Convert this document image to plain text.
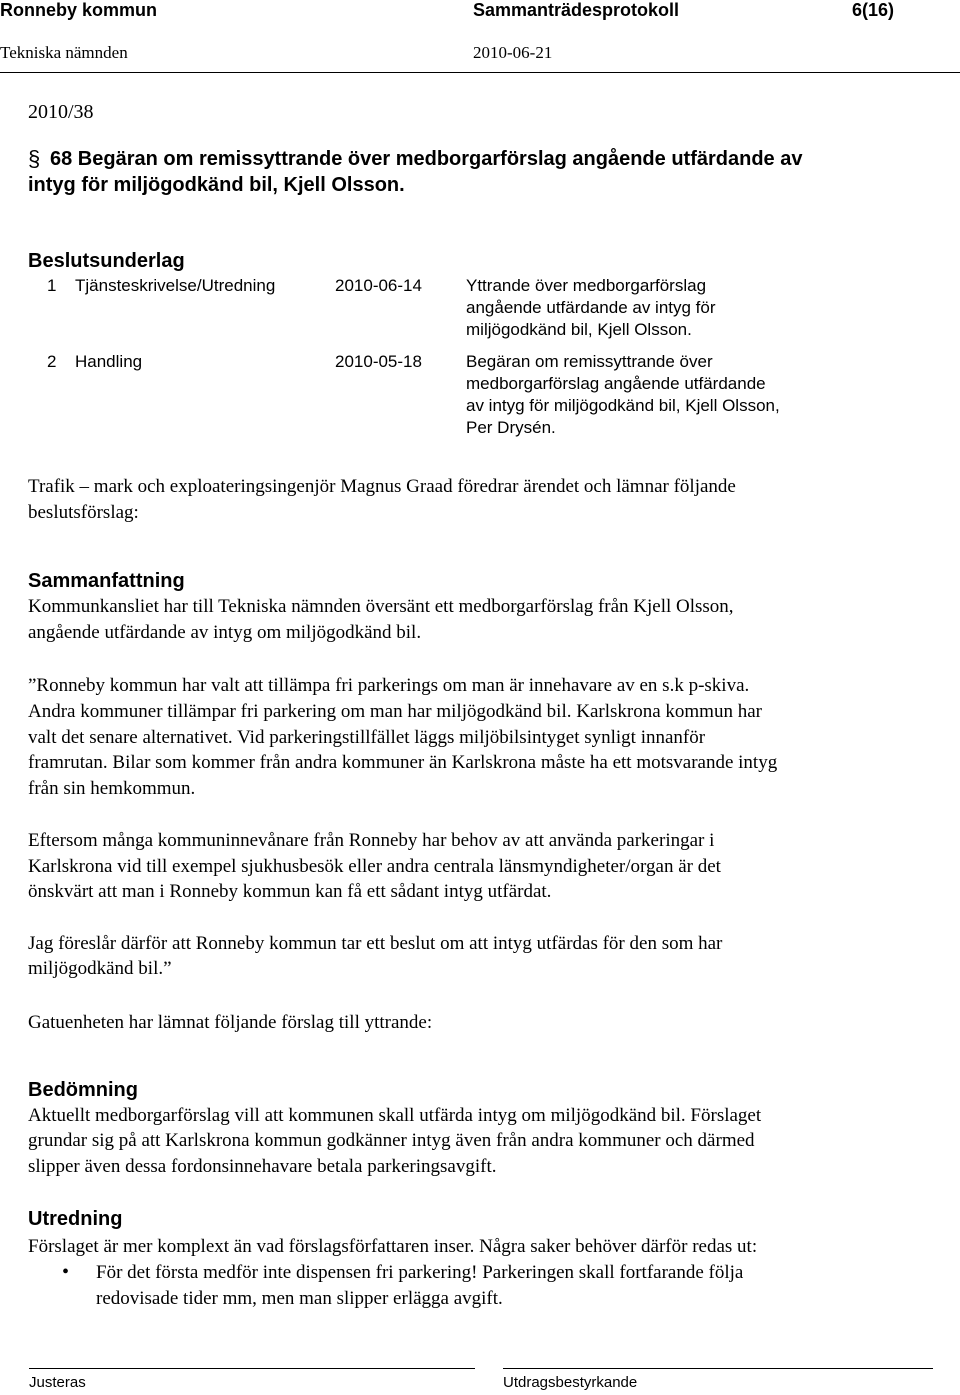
Ronneby kommun	Sammanträdesprotokoll	6(16)
Tekniska nämnden	2010-06-21
2010/38
§ 68 Begäran om remissyttrande över medborgarförslag angående utfärdande av
intyg för miljögodkänd bil, Kjell Olsson.
Beslutsunderlag
1 Tjänsteskrivelse/Utredning	2010-06-14	Yttrande över medborgarförslag
angående utfärdande av intyg för
miljögodkänd bil, Kjell Olsson.
2 Handling	2010-05-18	Begäran om remissyttrande över
medborgarförslag angående utfärdande
av intyg för miljögodkänd bil, Kjell Olsson,
Per Drysén.
Trafik – mark och exploateringsingenjör Magnus Graad föredrar ärendet och lämnar följande
beslutsförslag:
Sammanfattning
Kommunkansliet har till Tekniska nämnden översänt ett medborgarförslag från Kjell Olsson,
angående utfärdande av intyg om miljögodkänd bil.
”Ronneby kommun har valt att tillämpa fri parkerings om man är innehavare av en s.k p-skiva.
Andra kommuner tillämpar fri parkering om man har miljögodkänd bil. Karlskrona kommun har
valt det senare alternativet. Vid parkeringstillfället läggs miljöbilsintyget synligt innanför
framrutan. Bilar som kommer från andra kommuner än Karlskrona måste ha ett motsvarande intyg
från sin hemkommun.
Eftersom många kommuninnevånare från Ronneby har behov av att använda parkeringar i
Karlskrona vid till exempel sjukhusbesök eller andra centrala länsmyndigheter/organ är det
önskvärt att man i Ronneby kommun kan få ett sådant intyg utfärdat.
Jag föreslår därför att Ronneby kommun tar ett beslut om att intyg utfärdas för den som har
miljögodkänd bil.”
Gatuenheten har lämnat följande förslag till yttrande:
Bedömning
Aktuellt medborgarförslag vill att kommunen skall utfärda intyg om miljögodkänd bil. Förslaget
grundar sig på att Karlskrona kommun godkänner intyg även från andra kommuner och därmed
slipper även dessa fordonsinnehavare betala parkeringsavgift.
Utredning
Förslaget är mer komplext än vad förslagsförfattaren inser. Några saker behöver därför redas ut:
• För det första medför inte dispensen fri parkering! Parkeringen skall fortfarande följa
redovisade tider mm, men man slipper erlägga avgift.
Justeras	Utdragsbestyrkande
